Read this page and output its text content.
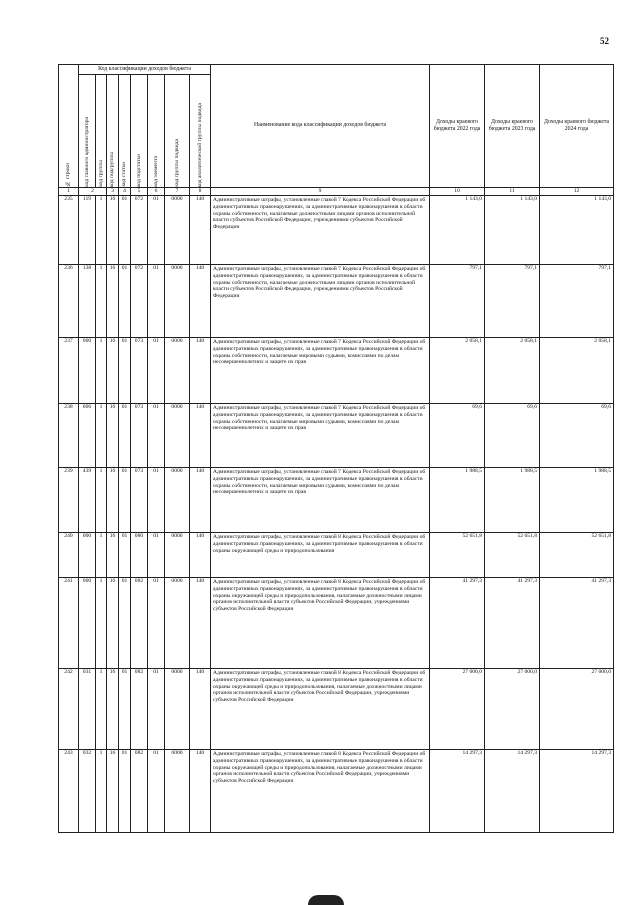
52
№ строки	Код классификации доходов бюджета								Наименование кода классификации доходов бюджета	Доходы краевого бюджета 2022 года	Доходы краевого бюджета 2023 года	Доходы краевого бюджета 2024 года

	код главного администратора	код группы	код подгруппы	код статьи	код подстатьи	код элемента	код группы подвида	код аналитической группы подвида				

1	2		3	4	5	6	7	8	9	10	11	12
235	119	1	16	01	072	01	0000	140	Административные штрафы, установленные главой 7 Кодекса Российской Федерации об административных правонарушениях, за административные правонарушения в области охраны собственности, налагаемые должностными лицами органов исполнительной власти субъектов Российской Федерации, учреждениями субъектов Российской Федерации	1 143,0	1 143,0	1 143,0
236	138	1	16	01	072	01	0000	140	Административные штрафы, установленные главой 7 Кодекса Российской Федерации об административных правонарушениях, за административные правонарушения в области охраны собственности, налагаемые должностными лицами органов исполнительной власти субъектов Российской Федерации, учреждениями субъектов Российской Федерации	797,1	797,1	797,1
237	000	1	16	01	073	01	0000	140	Административные штрафы, установленные главой 7 Кодекса Российской Федерации об административных правонарушениях, за административные правонарушения в области охраны собственности, налагаемые мировыми судьями, комиссиями по делам несовершеннолетних и защите их прав	2 058,1	2 058,1	2 058,1
238	006	1	16	01	073	01	0000	140	Административные штрафы, установленные главой 7 Кодекса Российской Федерации об административных правонарушениях, за административные правонарушения в области охраны собственности, налагаемые мировыми судьями, комиссиями по делам несовершеннолетних и защите их прав	69,6	69,6	69,6
239	439	1	16	01	073	01	0000	140	Административные штрафы, установленные главой 7 Кодекса Российской Федерации об административных правонарушениях, за административные правонарушения в области охраны собственности, налагаемые мировыми судьями, комиссиями по делам несовершеннолетних и защите их прав	1 988,5	1 988,5	1 988,5
240	000	1	16	01	080	01	0000	140	Административные штрафы, установленные главой 8 Кодекса Российской Федерации об административных правонарушениях, за административные правонарушения в области охраны окружающей среды и природопользования	52 651,8	52 651,8	52 651,8
241	000	1	16	01	082	01	0000	140	Административные штрафы, установленные главой 8 Кодекса Российской Федерации об административных правонарушениях, за административные правонарушения в области охраны окружающей среды и природопользования, налагаемые должностными лицами органов исполнительной власти субъектов Российской Федерации, учреждениями субъектов Российской Федерации	41 297,3	41 297,3	41 297,3
242	031	1	16	01	082	01	0000	140	Административные штрафы, установленные главой 8 Кодекса Российской Федерации об административных правонарушениях, за административные правонарушения в области охраны окружающей среды и природопользования, налагаемые должностными лицами органов исполнительной власти субъектов Российской Федерации, учреждениями субъектов Российской Федерации	27 000,0	27 000,0	27 000,0
243	032	1	16	01	082	01	0000	140	Административные штрафы, установленные главой 8 Кодекса Российской Федерации об административных правонарушениях, за административные правонарушения в области охраны окружающей среды и природопользования, налагаемые должностными лицами органов исполнительной власти субъектов Российской Федерации, учреждениями субъектов Российской Федерации	14 297,3	14 297,3	14 297,3
